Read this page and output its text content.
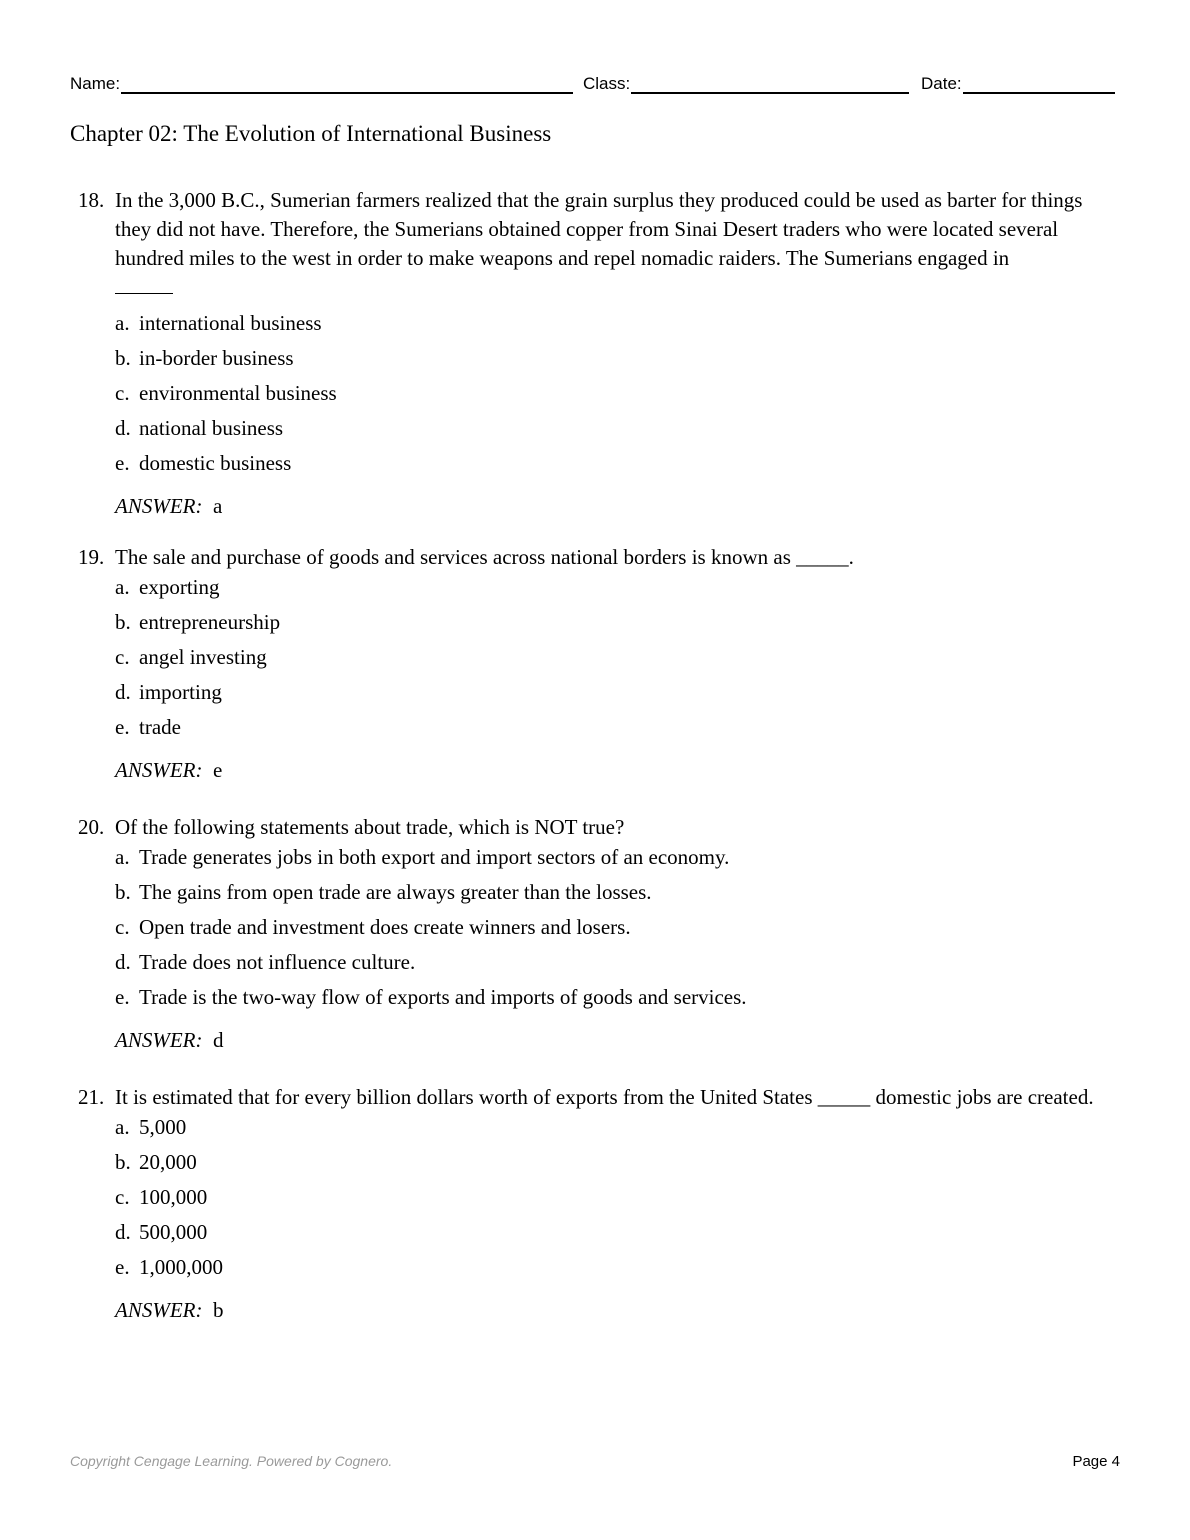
Name:	Class:	Date:
Chapter 02: The Evolution of International Business
18. In the 3,000 B.C., Sumerian farmers realized that the grain surplus they produced could be used as barter for things they did not have. Therefore, the Sumerians obtained copper from Sinai Desert traders who were located several hundred miles to the west in order to make weapons and repel nomadic raiders. The Sumerians engaged in
a. international business
b. in-border business
c. environmental business
d. national business
e. domestic business
ANSWER: a
19. The sale and purchase of goods and services across national borders is known as _____.
a. exporting
b. entrepreneurship
c. angel investing
d. importing
e. trade
ANSWER: e
20. Of the following statements about trade, which is NOT true?
a. Trade generates jobs in both export and import sectors of an economy.
b. The gains from open trade are always greater than the losses.
c. Open trade and investment does create winners and losers.
d. Trade does not influence culture.
e. Trade is the two-way flow of exports and imports of goods and services.
ANSWER: d
21. It is estimated that for every billion dollars worth of exports from the United States _____ domestic jobs are created.
a. 5,000
b. 20,000
c. 100,000
d. 500,000
e. 1,000,000
ANSWER: b
Copyright Cengage Learning. Powered by Cognero.	Page 4
